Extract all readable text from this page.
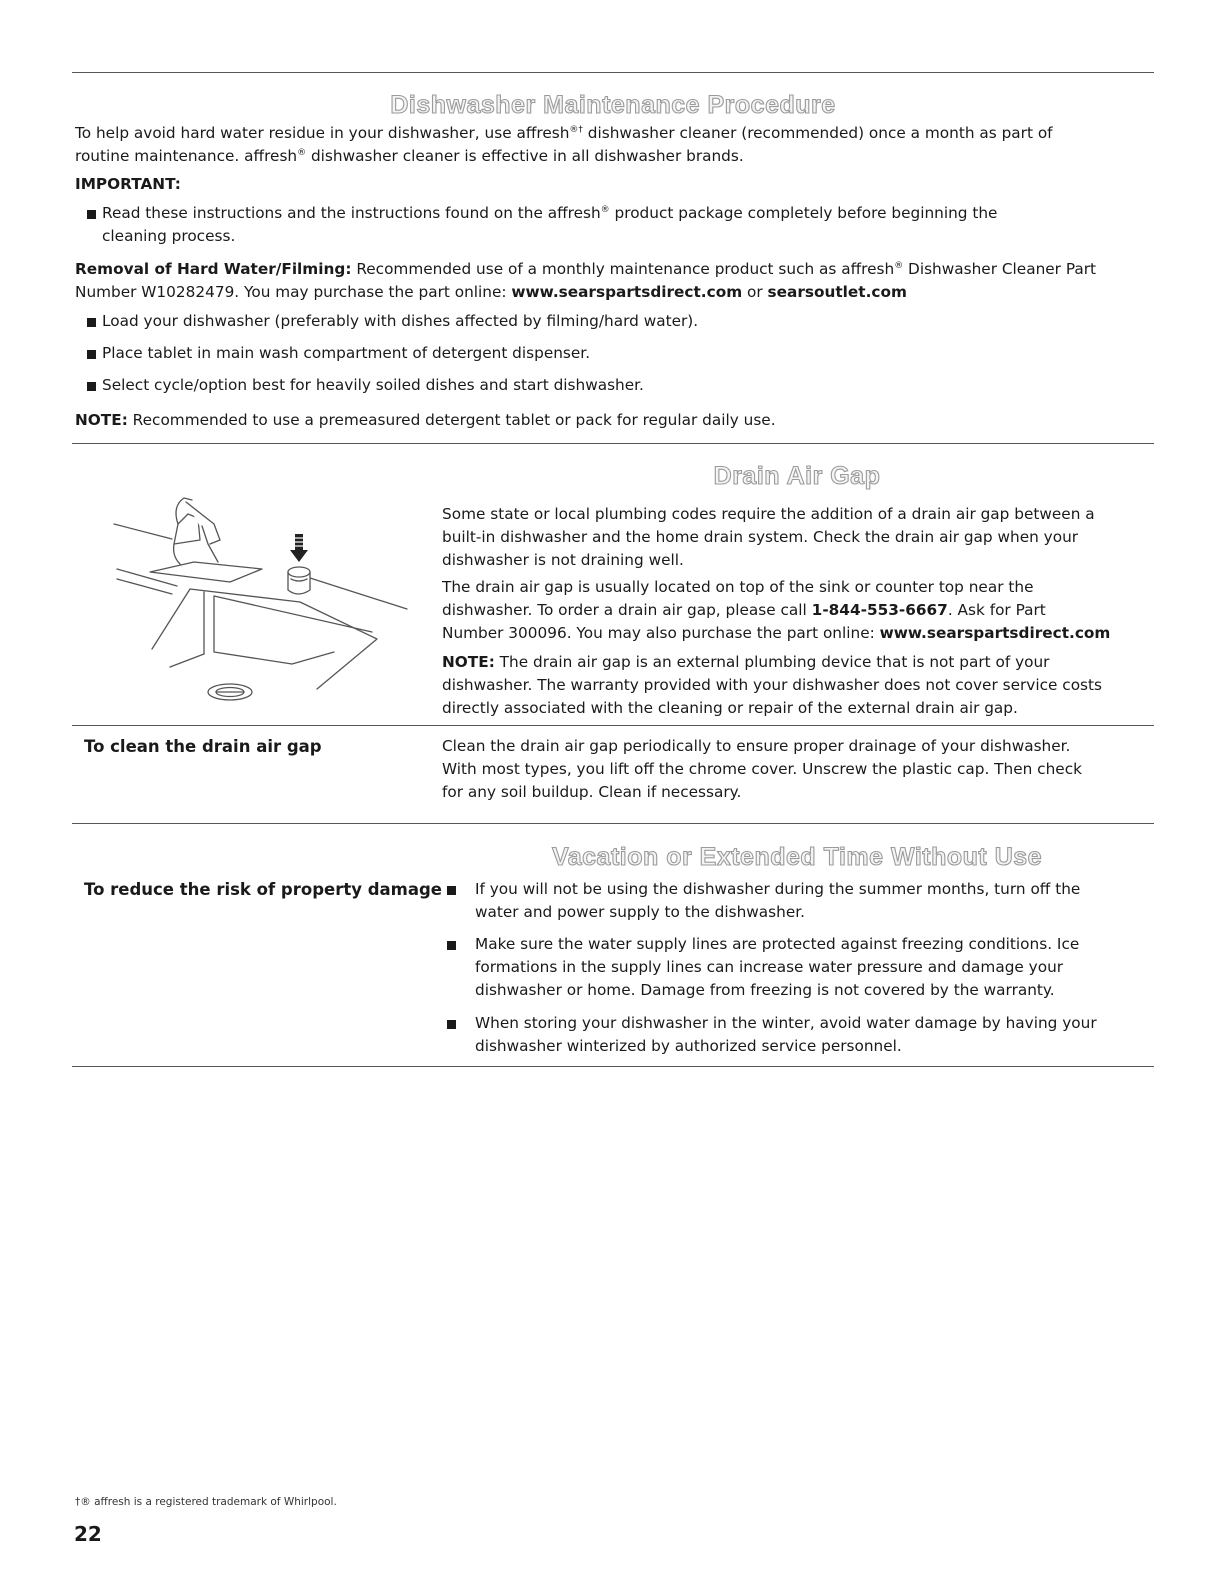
Dishwasher Maintenance Procedure

To help avoid hard water residue in your dishwasher, use affresh®† dishwasher cleaner (recommended) once a month as part of
routine maintenance. affresh® dishwasher cleaner is effective in all dishwasher brands.

IMPORTANT:
Read these instructions and the instructions found on the affresh® product package completely before beginning the
cleaning process.

Removal of Hard Water/Filming: Recommended use of a monthly maintenance product such as affresh® Dishwasher Cleaner Part
Number W10282479. You may purchase the part online: www.searspartsdirect.com or searsoutlet.com

Load your dishwasher (preferably with dishes affected by filming/hard water).
Place tablet in main wash compartment of detergent dispenser.
Select cycle/option best for heavily soiled dishes and start dishwasher.

NOTE: Recommended to use a premeasured detergent tablet or pack for regular daily use.

Drain Air Gap
Some state or local plumbing codes require the addition of a drain air gap between a
built-in dishwasher and the home drain system. Check the drain air gap when your
dishwasher is not draining well.
The drain air gap is usually located on top of the sink or counter top near the
dishwasher. To order a drain air gap, please call 1-844-553-6667. Ask for Part
Number 300096. You may also purchase the part online: www.searspartsdirect.com
NOTE: The drain air gap is an external plumbing device that is not part of your
dishwasher. The warranty provided with your dishwasher does not cover service costs
directly associated with the cleaning or repair of the external drain air gap.
To clean the drain air gap	Clean the drain air gap periodically to ensure proper drainage of your dishwasher.
With most types, you lift off the chrome cover. Unscrew the plastic cap. Then check
for any soil buildup. Clean if necessary.
Vacation or Extended Time Without Use
To reduce the risk of property damage	If you will not be using the dishwasher during the summer months, turn off the
water and power supply to the dishwasher.
Make sure the water supply lines are protected against freezing conditions. Ice
formations in the supply lines can increase water pressure and damage your
dishwasher or home. Damage from freezing is not covered by the warranty.
When storing your dishwasher in the winter, avoid water damage by having your
dishwasher winterized by authorized service personnel.
†® affresh is a registered trademark of Whirlpool.
22
